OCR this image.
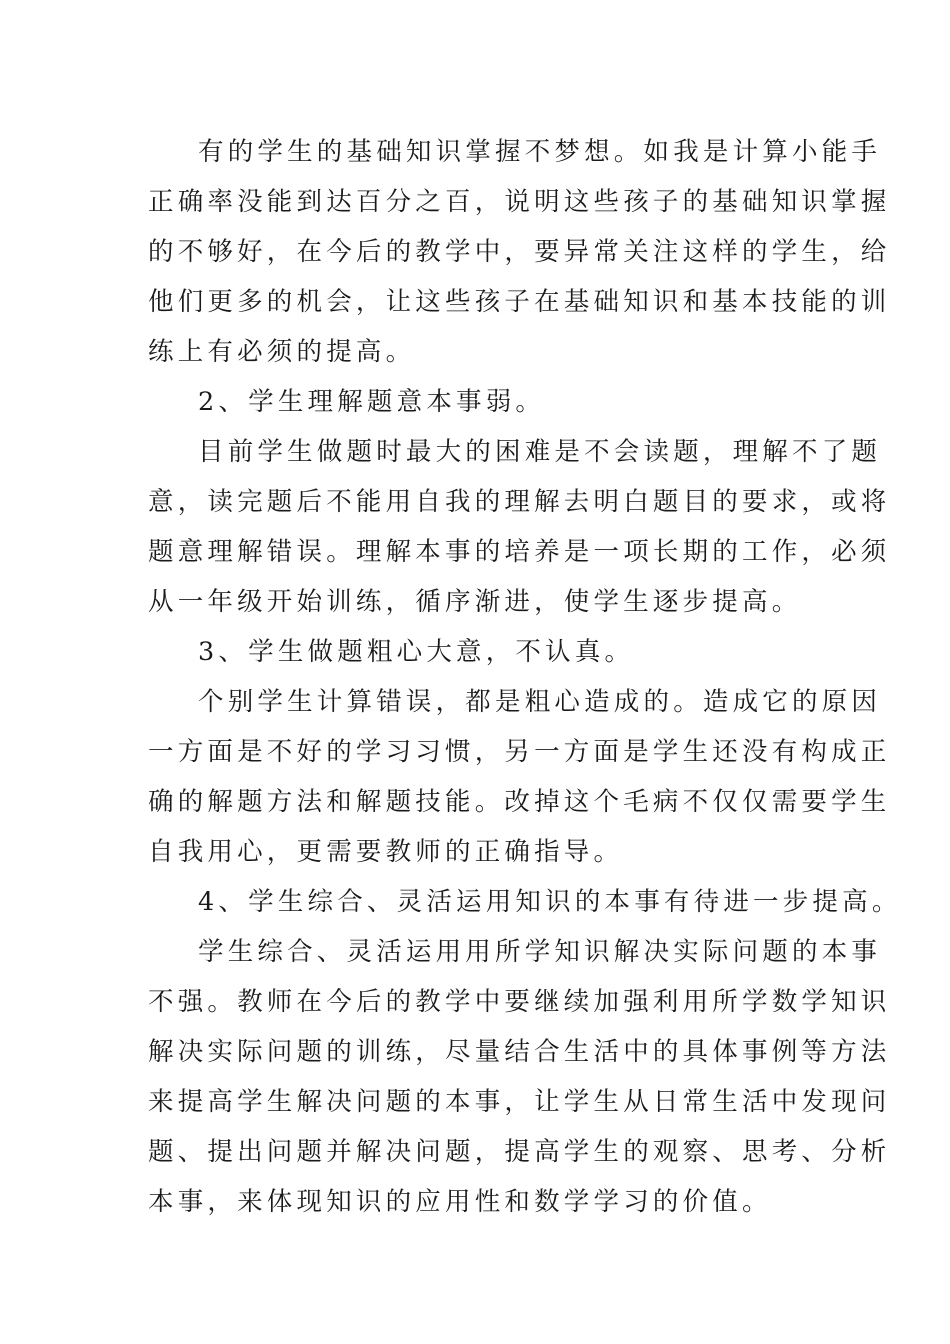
有的学生的基础知识掌握不梦想。如我是计算小能手
正确率没能到达百分之百，说明这些孩子的基础知识掌握
的不够好，在今后的教学中，要异常关注这样的学生，给
他们更多的机会，让这些孩子在基础知识和基本技能的训
练上有必须的提高。
2、学生理解题意本事弱。
目前学生做题时最大的困难是不会读题，理解不了题
意，读完题后不能用自我的理解去明白题目的要求，或将
题意理解错误。理解本事的培养是一项长期的工作，必须
从一年级开始训练，循序渐进，使学生逐步提高。
3、学生做题粗心大意，不认真。
个别学生计算错误，都是粗心造成的。造成它的原因
一方面是不好的学习习惯，另一方面是学生还没有构成正
确的解题方法和解题技能。改掉这个毛病不仅仅需要学生
自我用心，更需要教师的正确指导。
4、学生综合、灵活运用知识的本事有待进一步提高。
学生综合、灵活运用用所学知识解决实际问题的本事
不强。教师在今后的教学中要继续加强利用所学数学知识
解决实际问题的训练，尽量结合生活中的具体事例等方法
来提高学生解决问题的本事，让学生从日常生活中发现问
题、提出问题并解决问题，提高学生的观察、思考、分析
本事，来体现知识的应用性和数学学习的价值。
